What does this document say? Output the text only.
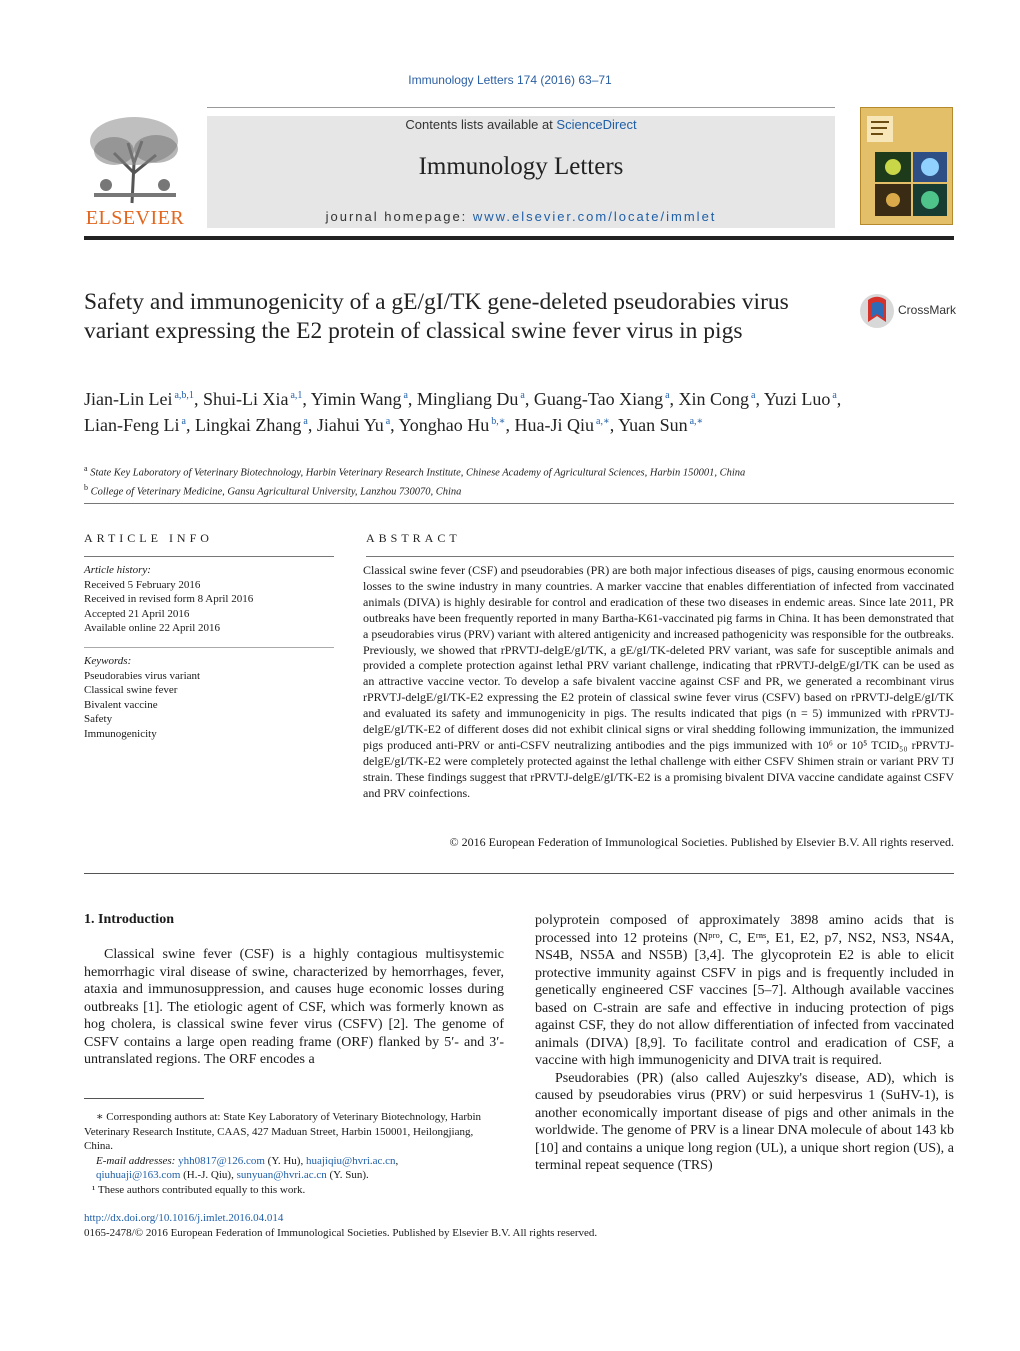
Immunology Letters 174 (2016) 63–71
ELSEVIER
Contents lists available at ScienceDirect
Immunology Letters
journal homepage: www.elsevier.com/locate/immlet
Safety and immunogenicity of a gE/gI/TK gene-deleted pseudorabies virus variant expressing the E2 protein of classical swine fever virus in pigs
CrossMark
Jian-Lin Lei $^{a,b,1}$, Shui-Li Xia $^{a,1}$, Yimin Wang $^a$, Mingliang Du $^a$, Guang-Tao Xiang $^a$, Xin Cong $^a$, Yuzi Luo $^a$, Lian-Feng Li $^a$, Lingkai Zhang $^a$, Jiahui Yu $^a$, Yonghao Hu $^{b,∗}$, Hua-Ji Qiu $^{a,∗}$, Yuan Sun $^{a,∗}$
$^a$ State Key Laboratory of Veterinary Biotechnology, Harbin Veterinary Research Institute, Chinese Academy of Agricultural Sciences, Harbin 150001, China
$^b$ College of Veterinary Medicine, Gansu Agricultural University, Lanzhou 730070, China
ARTICLE INFO
Article history:
Received 5 February 2016
Received in revised form 8 April 2016
Accepted 21 April 2016
Available online 22 April 2016
Keywords:
Pseudorabies virus variant
Classical swine fever
Bivalent vaccine
Safety
Immunogenicity
ABSTRACT
Classical swine fever (CSF) and pseudorabies (PR) are both major infectious diseases of pigs, causing enormous economic losses to the swine industry in many countries. A marker vaccine that enables differentiation of infected from vaccinated animals (DIVA) is highly desirable for control and eradication of these two diseases in endemic areas. Since late 2011, PR outbreaks have been frequently reported in many Bartha-K61-vaccinated pig farms in China. It has been demonstrated that a pseudorabies virus (PRV) variant with altered antigenicity and increased pathogenicity was responsible for the outbreaks. Previously, we showed that rPRVTJ-delgE/gI/TK, a gE/gI/TK-deleted PRV variant, was safe for susceptible animals and provided a complete protection against lethal PRV variant challenge, indicating that rPRVTJ-delgE/gI/TK can be used as an attractive vaccine vector. To develop a safe bivalent vaccine against CSF and PR, we generated a recombinant virus rPRVTJ-delgE/gI/TK-E2 expressing the E2 protein of classical swine fever virus (CSFV) based on rPRVTJ-delgE/gI/TK and evaluated its safety and immunogenicity in pigs. The results indicated that pigs (n = 5) immunized with rPRVTJ-delgE/gI/TK-E2 of different doses did not exhibit clinical signs or viral shedding following immunization, the immunized pigs produced anti-PRV or anti-CSFV neutralizing antibodies and the pigs immunized with 10⁶ or 10⁵ TCID₅₀ rPRVTJ-delgE/gI/TK-E2 were completely protected against the lethal challenge with either CSFV Shimen strain or variant PRV TJ strain. These findings suggest that rPRVTJ-delgE/gI/TK-E2 is a promising bivalent DIVA vaccine candidate against CSFV and PRV coinfections.
© 2016 European Federation of Immunological Societies. Published by Elsevier B.V. All rights reserved.
1. Introduction

Classical swine fever (CSF) is a highly contagious multisystemic hemorrhagic viral disease of swine, characterized by hemorrhages, fever, ataxia and immunosuppression, and causes huge economic losses during outbreaks [1]. The etiologic agent of CSF, which was formerly known as hog cholera, is classical swine fever virus (CSFV) [2]. The genome of CSFV contains a large open reading frame (ORF) flanked by 5′- and 3′-untranslated regions. The ORF encodes a

polyprotein composed of approximately 3898 amino acids that is processed into 12 proteins (Nᵖʳᵒ, C, Eʳⁿˢ, E1, E2, p7, NS2, NS3, NS4A, NS4B, NS5A and NS5B) [3,4]. The glycoprotein E2 is able to elicit protective immunity against CSFV in pigs and is frequently included in genetically engineered CSF vaccines [5–7]. Although available vaccines based on C-strain are safe and effective in inducing protection of pigs against CSF, they do not allow differentiation of infected from vaccinated animals (DIVA) [8,9]. To facilitate control and eradication of CSF, a vaccine with high immunogenicity and DIVA trait is required.

Pseudorabies (PR) (also called Aujeszky's disease, AD), which is caused by pseudorabies virus (PRV) or suid herpesvirus 1 (SuHV-1), is another economically important disease of pigs and other animals in the worldwide. The genome of PRV is a linear DNA molecule of about 143 kb [10] and contains a unique long region (UL), a unique short region (US), a terminal repeat sequence (TRS)

∗ Corresponding authors at: State Key Laboratory of Veterinary Biotechnology, Harbin Veterinary Research Institute, CAAS, 427 Maduan Street, Harbin 150001, Heilongjiang, China.
E-mail addresses: yhh0817@126.com (Y. Hu), huajiqiu@hvri.ac.cn,
qiuhuaji@163.com (H.-J. Qiu), sunyuan@hvri.ac.cn (Y. Sun).
¹ These authors contributed equally to this work.
http://dx.doi.org/10.1016/j.imlet.2016.04.014
0165-2478/© 2016 European Federation of Immunological Societies. Published by Elsevier B.V. All rights reserved.
